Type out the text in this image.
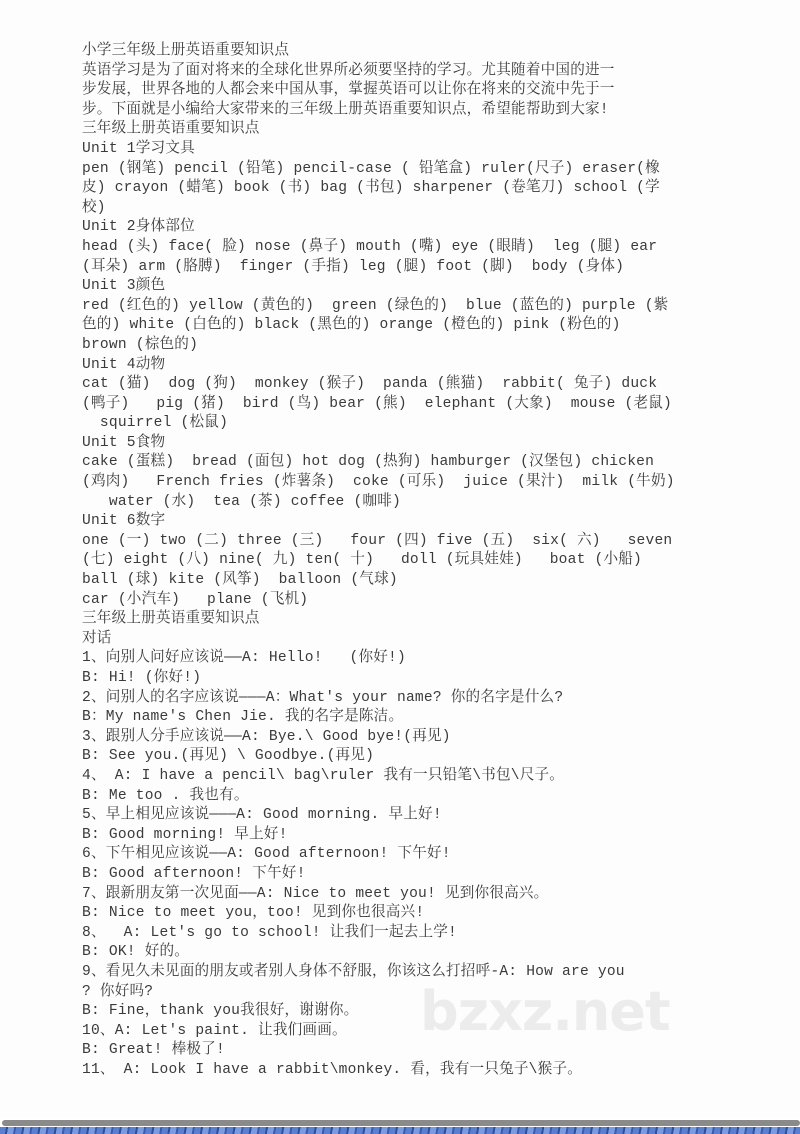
bzxz.net
小学三年级上册英语重要知识点
英语学习是为了面对将来的全球化世界所必须要坚持的学习。尤其随着中国的进一
步发展，世界各地的人都会来中国从事，掌握英语可以让你在将来的交流中先于一
步。下面就是小编给大家带来的三年级上册英语重要知识点，希望能帮助到大家!
三年级上册英语重要知识点
Unit 1学习文具
pen (钢笔) pencil (铅笔) pencil-case ( 铅笔盒) ruler(尺子) eraser(橡
皮) crayon (蜡笔) book (书) bag (书包) sharpener (卷笔刀) school (学
校)
Unit 2身体部位
head (头) face( 脸) nose (鼻子) mouth (嘴) eye (眼睛)  leg (腿) ear
(耳朵) arm (胳膊)  finger (手指) leg (腿) foot (脚)  body (身体)
Unit 3颜色
red (红色的) yellow (黄色的)  green (绿色的)  blue (蓝色的) purple (紫
色的) white (白色的) black (黑色的) orange (橙色的) pink (粉色的)
brown (棕色的)
Unit 4动物
cat (猫)  dog (狗)  monkey (猴子)  panda (熊猫)  rabbit( 兔子) duck
(鸭子)   pig (猪)  bird (鸟) bear (熊)  elephant (大象)  mouse (老鼠)
squirrel (松鼠)
Unit 5食物
cake (蛋糕)  bread (面包) hot dog (热狗) hamburger (汉堡包) chicken
(鸡肉)   French fries (炸薯条)  coke (可乐)  juice (果汁)  milk (牛奶)
water (水)  tea (茶) coffee (咖啡)
Unit 6数字
one (一) two (二) three (三)   four (四) five (五)  six( 六)   seven
(七) eight (八) nine( 九) ten( 十)   doll (玩具娃娃)   boat (小船)
ball (球) kite (风筝)  balloon (气球)
car (小汽车)   plane (飞机)
三年级上册英语重要知识点
对话
1、向别人问好应该说——A: Hello!   (你好!)
B: Hi! (你好!)
2、问别人的名字应该说———A：What's your name? 你的名字是什么?
B：My name's Chen Jie. 我的名字是陈洁。
3、跟别人分手应该说——A: Bye.\ Good bye!(再见)
B: See you.(再见) \ Goodbye.(再见)
4、 A: I have a pencil\ bag\ruler 我有一只铅笔\书包\尺子。
B: Me too . 我也有。
5、早上相见应该说———A: Good morning. 早上好!
B: Good morning! 早上好!
6、下午相见应该说——A: Good afternoon! 下午好!
B: Good afternoon! 下午好!
7、跟新朋友第一次见面——A: Nice to meet you! 见到你很高兴。
B: Nice to meet you，too! 见到你也很高兴!
8、  A: Let's go to school! 让我们一起去上学!
B: OK! 好的。
9、看见久未见面的朋友或者别人身体不舒服，你该这么打招呼-A: How are you
? 你好吗?
B: Fine，thank you我很好，谢谢你。
10、A: Let's paint. 让我们画画。
B: Great! 棒极了!
11、 A: Look I have a rabbit\monkey. 看，我有一只兔子\猴子。
